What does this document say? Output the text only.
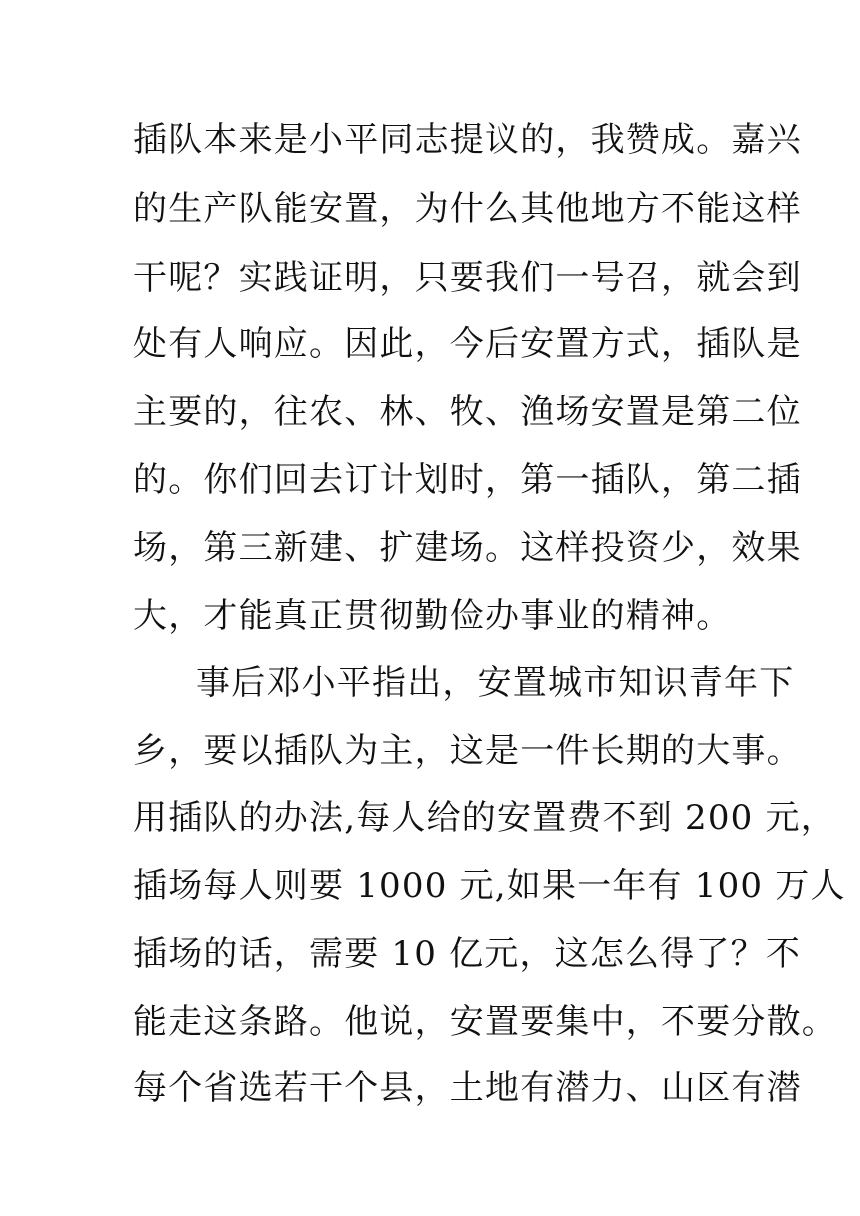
插队本来是小平同志提议的，我赞成。嘉兴
的生产队能安置，为什么其他地方不能这样
干呢？实践证明，只要我们一号召，就会到
处有人响应。因此，今后安置方式，插队是
主要的，往农、林、牧、渔场安置是第二位
的。你们回去订计划时，第一插队，第二插
场，第三新建、扩建场。这样投资少，效果
大，才能真正贯彻勤俭办事业的精神。
事后邓小平指出，安置城市知识青年下
乡，要以插队为主，这是一件长期的大事。
用插队的办法,每人给的安置费不到 200 元，
插场每人则要 1000 元,如果一年有 100 万人
插场的话，需要 10 亿元，这怎么得了？不
能走这条路。他说，安置要集中，不要分散。
每个省选若干个县，土地有潜力、山区有潜
